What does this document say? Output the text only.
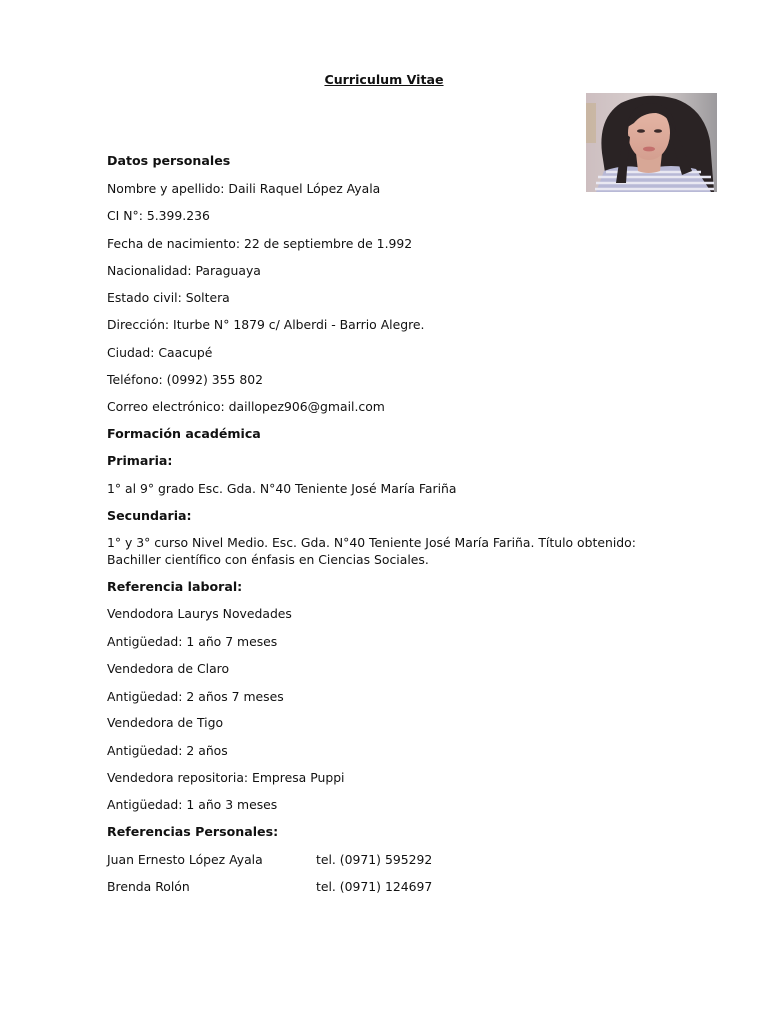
Curriculum Vitae
Datos personales
Nombre y apellido: Daili Raquel López Ayala
CI N°: 5.399.236
Fecha de nacimiento: 22 de septiembre de 1.992
Nacionalidad: Paraguaya
Estado civil: Soltera
Dirección: Iturbe N° 1879 c/ Alberdi - Barrio Alegre.
Ciudad: Caacupé
Teléfono: (0992) 355 802
Correo electrónico: daillopez906@gmail.com
Formación académica
Primaria:
1° al 9° grado Esc. Gda. N°40 Teniente José María Fariña
Secundaria:
1° y 3° curso Nivel Medio. Esc. Gda. N°40 Teniente José María Fariña. Título obtenido: Bachiller científico con énfasis en Ciencias Sociales.
Referencia laboral:
Vendodora Laurys Novedades
Antigüedad: 1 año 7 meses
Vendedora de Claro
Antigüedad: 2 años 7 meses
Vendedora de Tigo
Antigüedad: 2 años
Vendedora repositoria: Empresa Puppi
Antigüedad: 1 año 3 meses
Referencias Personales:
Juan Ernesto López Ayala	tel. (0971) 595292
Brenda Rolón	tel. (0971) 124697
